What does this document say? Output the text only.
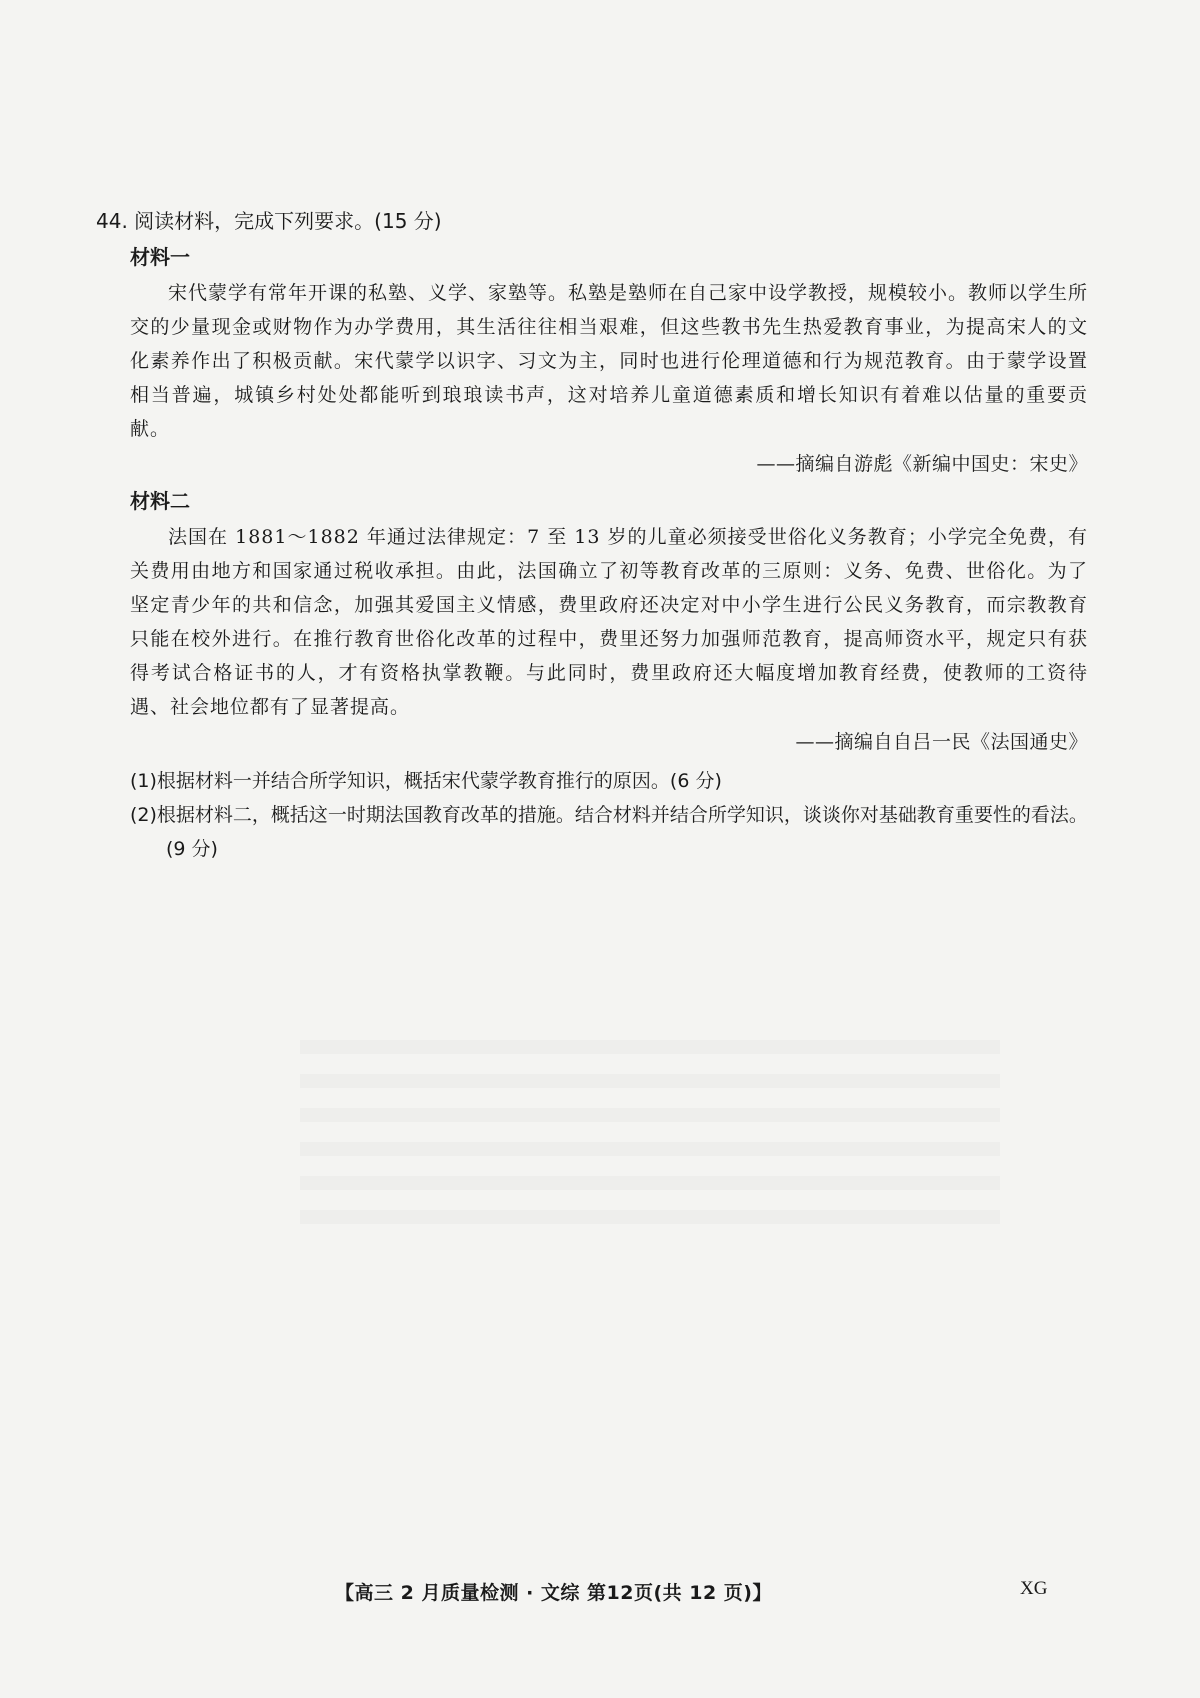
44. 阅读材料，完成下列要求。(15 分)

材料一

宋代蒙学有常年开课的私塾、义学、家塾等。私塾是塾师在自己家中设学教授，规模较小。教师以学生所交的少量现金或财物作为办学费用，其生活往往相当艰难，但这些教书先生热爱教育事业，为提高宋人的文化素养作出了积极贡献。宋代蒙学以识字、习文为主，同时也进行伦理道德和行为规范教育。由于蒙学设置相当普遍，城镇乡村处处都能听到琅琅读书声，这对培养儿童道德素质和增长知识有着难以估量的重要贡献。

——摘编自游彪《新编中国史：宋史》

材料二

法国在 1881～1882 年通过法律规定：7 至 13 岁的儿童必须接受世俗化义务教育；小学完全免费，有关费用由地方和国家通过税收承担。由此，法国确立了初等教育改革的三原则：义务、免费、世俗化。为了坚定青少年的共和信念，加强其爱国主义情感，费里政府还决定对中小学生进行公民义务教育，而宗教教育只能在校外进行。在推行教育世俗化改革的过程中，费里还努力加强师范教育，提高师资水平，规定只有获得考试合格证书的人，才有资格执掌教鞭。与此同时，费里政府还大幅度增加教育经费，使教师的工资待遇、社会地位都有了显著提高。

——摘编自自吕一民《法国通史》

(1)根据材料一并结合所学知识，概括宋代蒙学教育推行的原因。(6 分)

(2)根据材料二，概括这一时期法国教育改革的措施。结合材料并结合所学知识，谈谈你对基础教育重要性的看法。(9 分)

【高三 2 月质量检测 · 文综 第12页(共 12 页)】	XG
